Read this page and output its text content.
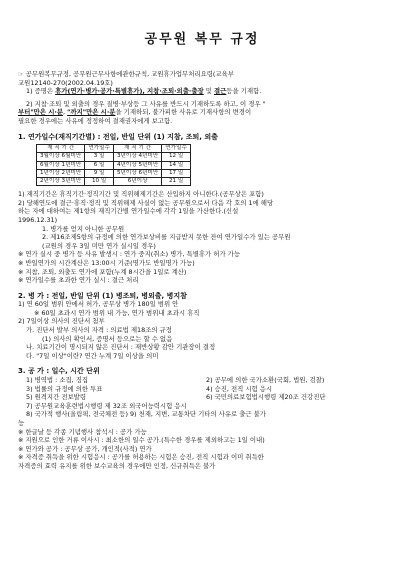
공무원 복무 규정
☞ 공무원복무규정, 공무원근무사항에관한규칙, 교원휴가업무처리요령(교육부
교원12140-270(2002.04.19호)
1) 증명은 휴가(연가·병가·공가·특별휴가), 지참·조퇴·외출·출장 및 결근등을 기재함.
2) 지참·조퇴 및 외출의 경우 질병·부상등 그 사유를 반드시 기재하도록 하고, 이 경우 "
부터"만은 시·분, "까지"만은 시·분을 기재하되, 불가피한 사유로 기재사항의 변경이
필요한 경우에는 사유에 정정하여 결재권자에게 보고함.
1. 연가일수(재직기간별) : 전일, 반일 단위 (1) 지참, 조퇴, 외출
재 직 기 간	연가일수	재 직 기 간	연가일수
3월이상 6월미만	3 일	3년이상 4년미만	12 일
6월이상 1년미만	6 일	4년이상 5년미만	14 일
1년이상 2년미만	9 일	5년이상 6년미만	17 일
2년이상 3년미만	10 일	6년이상	21 일
1) 재직기간은 휴직기간·정직기간 및 직위해제기간은 산입하지 아니한다.(공무상은 포함)
2) 당해연도에 결근·휴직·정직 및 직위해제 사실이 없는 공무원으로서 다음 각 호의 1에 해당
하는 자에 대하여는 제1항의 재직기간별 연가일수에 각각 1일을 가산한다.(신설
1996.12.31)
1. 병가를 얻지 아니한 공무원
2. 제16조제5항의 규정에 의한 연가보상비를 지급받지 못한 잔여 연가일수가 있는 공무원
(교원의 경우 3일 미만 연가 실시일 경우)
※ 연가 실시 중 병가 등 사유 발생시 : 연가 중지(취소) 병가, 특별휴가 허가 가능
※ 반일연가의 시간계산은 13:00시 기준(명가도 반일명가 가능)
※ 지참, 조퇴, 외출도 연가에 포함(누계 8시간을 1일로 계산)
※ 연가일수를 초과한 연가 실시 : 결근 처리
2. 병 가 : 전일, 반일 단위 (1) 병조퇴, 병외출, 병지참
1) 연 60일 범위 안에서 허가, 공무상 병가 180일 범위 안
※ 60일 초과시 연가 범위 내 가능, 연가 범위내 초과시 휴직
2) 7일이상 의사의 진단서 첨부
가. 진단서 발부 의사의 자격 : 의료법 제18조의 규정
(1) 의사의 확인서, 증명서 등으로는 할 수 없음
나. 치료기간이 명시되지 않은 진단서 : 재반상황 감안 기관장이 결정
다. "7일 이상"이란? 연간 누계 7일 이상을 의미
3. 공 가 : 일수, 시간 단위
1) 병역법 : 소집, 징집	2) 공무에 의한 국가소환(국회, 법원, 검찰)
3) 법률의 규정에 의한 투표	4) 승진, 전직 시험 응시
5) 원격지간 전보발령	6) 국민의료보험법시행령 제20조 건강진단
7) 공무원교육훈련법시행령 제 32조 외국어능력시험 응시
8) 국가적 행사(올림픽, 전국체전 등) 9) 천재, 지변, 교통차단 기타의 사유로 출근 불가
능
※ 한글날 등 각종 기념행사 참석시 : 공가 가능
※ 지원으로 인한 거류 이사시 : 최소한의 일수 공가.(특수한 경우를 제외하고는 1일 이내)
※ 연가와 공가 : 공무상 공가, 개인적(사적) 연가
※ 자격증 취득을 위한 시험응시 : 공가를 허용하는 시험은 승진, 전직 시험과 이미 취득한
자격증의 효력 유지를 위한 보수교육의 경우에만 인정, 신규취득은 불가
